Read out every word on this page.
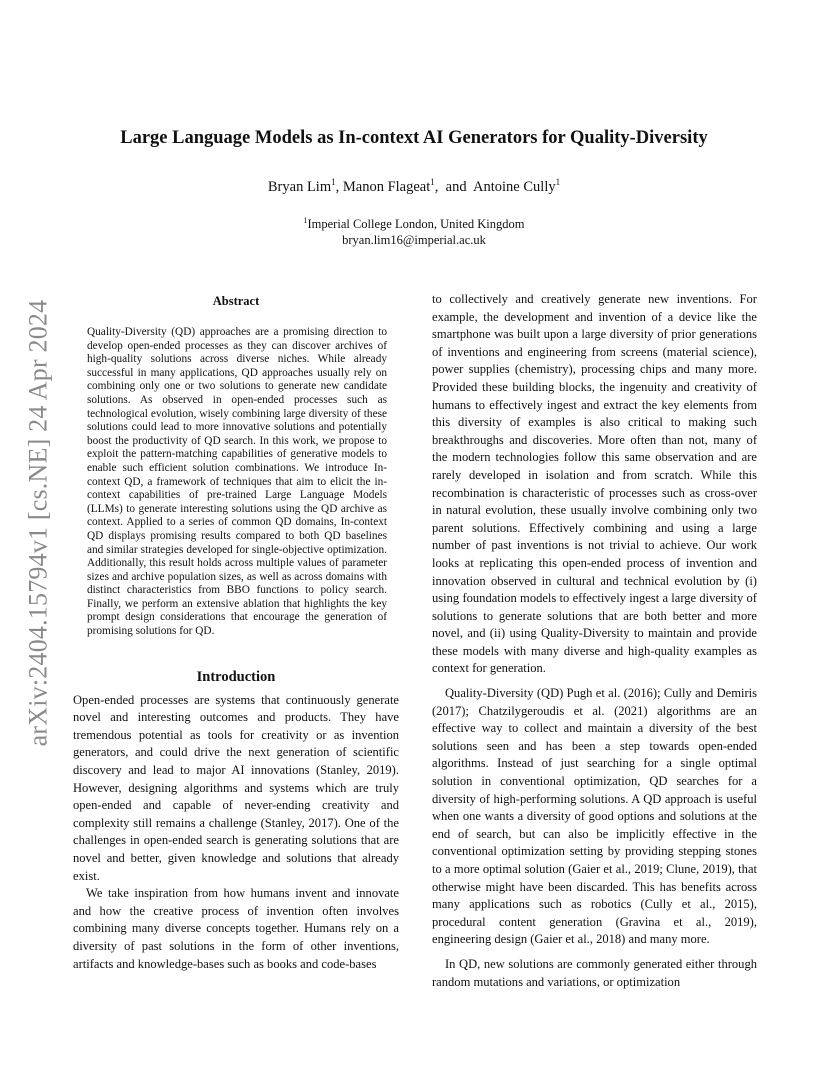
arXiv:2404.15794v1 [cs.NE] 24 Apr 2024
Large Language Models as In-context AI Generators for Quality-Diversity
Bryan Lim$^1$, Manon Flageat$^1$, and Antoine Cully$^1$
$^1$Imperial College London, United Kingdom
bryan.lim16@imperial.ac.uk
Abstract

Quality-Diversity (QD) approaches are a promising direction to develop open-ended processes as they can discover archives of high-quality solutions across diverse niches. While already successful in many applications, QD approaches usually rely on combining only one or two solutions to generate new candidate solutions. As observed in open-ended processes such as technological evolution, wisely combining large diversity of these solutions could lead to more innovative solutions and potentially boost the productivity of QD search. In this work, we propose to exploit the pattern-matching capabilities of generative models to enable such efficient solution combinations. We introduce In-context QD, a framework of techniques that aim to elicit the in-context capabilities of pre-trained Large Language Models (LLMs) to generate interesting solutions using the QD archive as context. Applied to a series of common QD domains, In-context QD displays promising results compared to both QD baselines and similar strategies developed for single-objective optimization. Additionally, this result holds across multiple values of parameter sizes and archive population sizes, as well as across domains with distinct characteristics from BBO functions to policy search. Finally, we perform an extensive ablation that highlights the key prompt design considerations that encourage the generation of promising solutions for QD.

Introduction

Open-ended processes are systems that continuously generate novel and interesting outcomes and products. They have tremendous potential as tools for creativity or as invention generators, and could drive the next generation of scientific discovery and lead to major AI innovations (Stanley, 2019). However, designing algorithms and systems which are truly open-ended and capable of never-ending creativity and complexity still remains a challenge (Stanley, 2017). One of the challenges in open-ended search is generating solutions that are novel and better, given knowledge and solutions that already exist.

We take inspiration from how humans invent and innovate and how the creative process of invention often involves combining many diverse concepts together. Humans rely on a diversity of past solutions in the form of other inventions, artifacts and knowledge-bases such as books and code-bases

to collectively and creatively generate new inventions. For example, the development and invention of a device like the smartphone was built upon a large diversity of prior generations of inventions and engineering from screens (material science), power supplies (chemistry), processing chips and many more. Provided these building blocks, the ingenuity and creativity of humans to effectively ingest and extract the key elements from this diversity of examples is also critical to making such breakthroughs and discoveries. More often than not, many of the modern technologies follow this same observation and are rarely developed in isolation and from scratch. While this recombination is characteristic of processes such as cross-over in natural evolution, these usually involve combining only two parent solutions. Effectively combining and using a large number of past inventions is not trivial to achieve. Our work looks at replicating this open-ended process of invention and innovation observed in cultural and technical evolution by (i) using foundation models to effectively ingest a large diversity of solutions to generate solutions that are both better and more novel, and (ii) using Quality-Diversity to maintain and provide these models with many diverse and high-quality examples as context for generation.

Quality-Diversity (QD) Pugh et al. (2016); Cully and Demiris (2017); Chatzilygeroudis et al. (2021) algorithms are an effective way to collect and maintain a diversity of the best solutions seen and has been a step towards open-ended algorithms. Instead of just searching for a single optimal solution in conventional optimization, QD searches for a diversity of high-performing solutions. A QD approach is useful when one wants a diversity of good options and solutions at the end of search, but can also be implicitly effective in the conventional optimization setting by providing stepping stones to a more optimal solution (Gaier et al., 2019; Clune, 2019), that otherwise might have been discarded. This has benefits across many applications such as robotics (Cully et al., 2015), procedural content generation (Gravina et al., 2019), engineering design (Gaier et al., 2018) and many more.

In QD, new solutions are commonly generated either through random mutations and variations, or optimization
